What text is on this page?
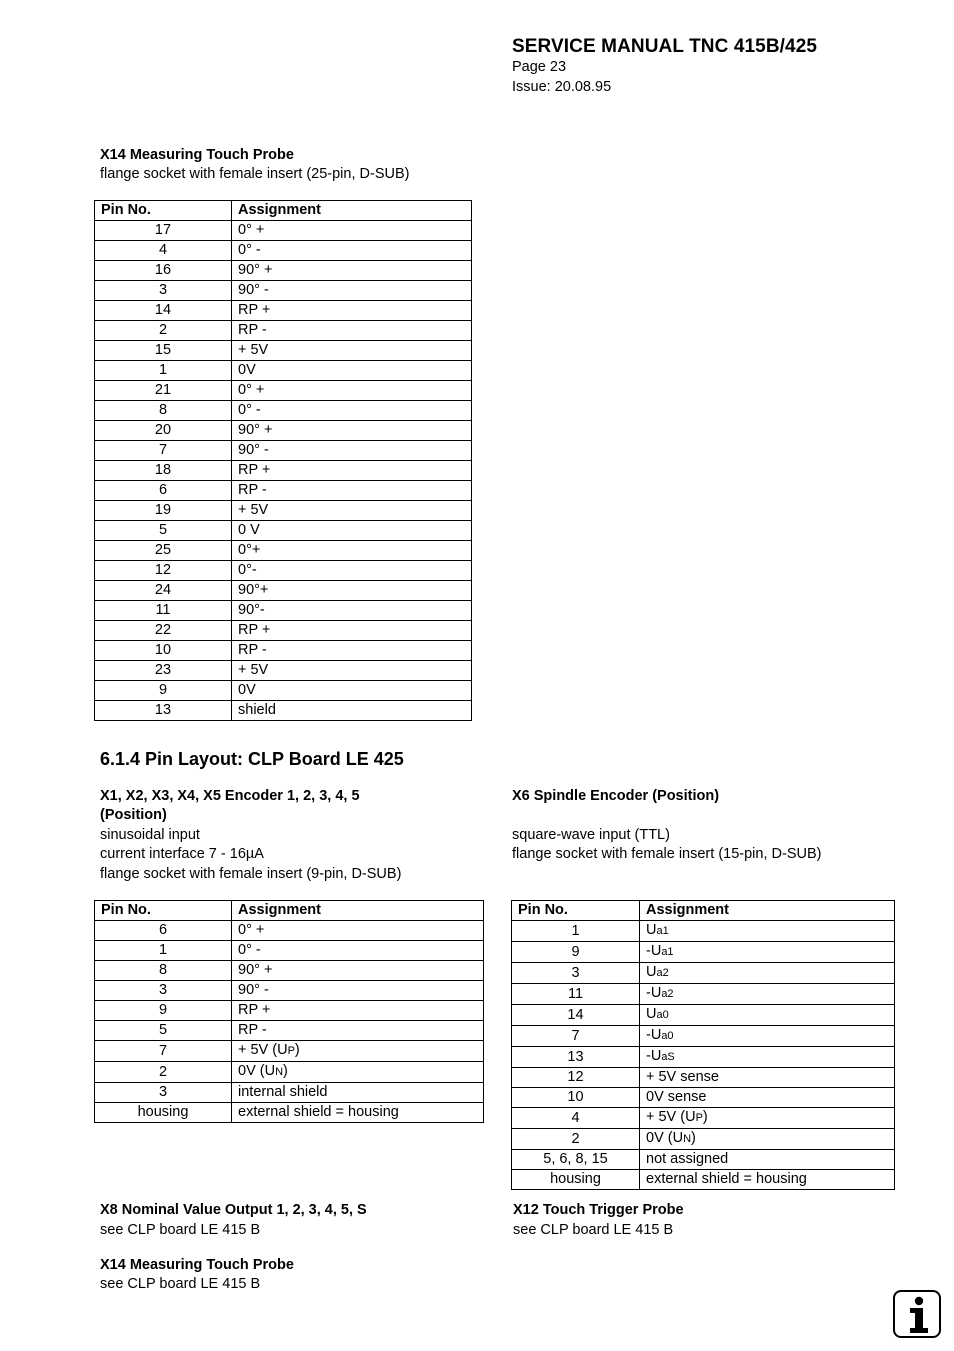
SERVICE MANUAL TNC 415B/425
Page 23
Issue: 20.08.95
X14 Measuring Touch Probe
flange socket with female insert (25-pin, D-SUB)
Pin No.	Assignment
17	0° +
4	0° -
16	90° +
3	90° -
14	RP +
2	RP -
15	+ 5V
1	0V
21	0° +
8	0° -
20	90° +
7	90° -
18	RP +
6	RP -
19	+ 5V
5	0 V
25	0°+
12	0°-
24	90°+
11	90°-
22	RP +
10	RP -
23	+ 5V
9	0V
13	shield
6.1.4 Pin Layout: CLP Board LE 425
X1, X2, X3, X4, X5 Encoder 1, 2, 3, 4, 5
(Position)
sinusoidal input
current interface 7 - 16µA
flange socket with female insert (9-pin, D-SUB)
Pin No.	Assignment
6	0° +
1	0° -
8	90° +
3	90° -
9	RP +
5	RP -
7	+ 5V (UP)
2	0V (UN)
3	internal shield
housing	external shield = housing
X6 Spindle Encoder (Position)
square-wave input (TTL)
flange socket with female insert (15-pin, D-SUB)
Pin No.	Assignment
1	Ua1
9	-Ua1
3	Ua2
11	-Ua2
14	Ua0
7	-Ua0
13	-UaS
12	+ 5V sense
10	0V sense
4	+ 5V (UP)
2	0V (UN)
5, 6, 8, 15	not assigned
housing	external shield = housing
X8 Nominal Value Output 1, 2, 3, 4, 5, S
see CLP board LE 415 B
X12 Touch Trigger Probe
see CLP board LE 415 B
X14 Measuring Touch Probe
see CLP board LE 415 B
